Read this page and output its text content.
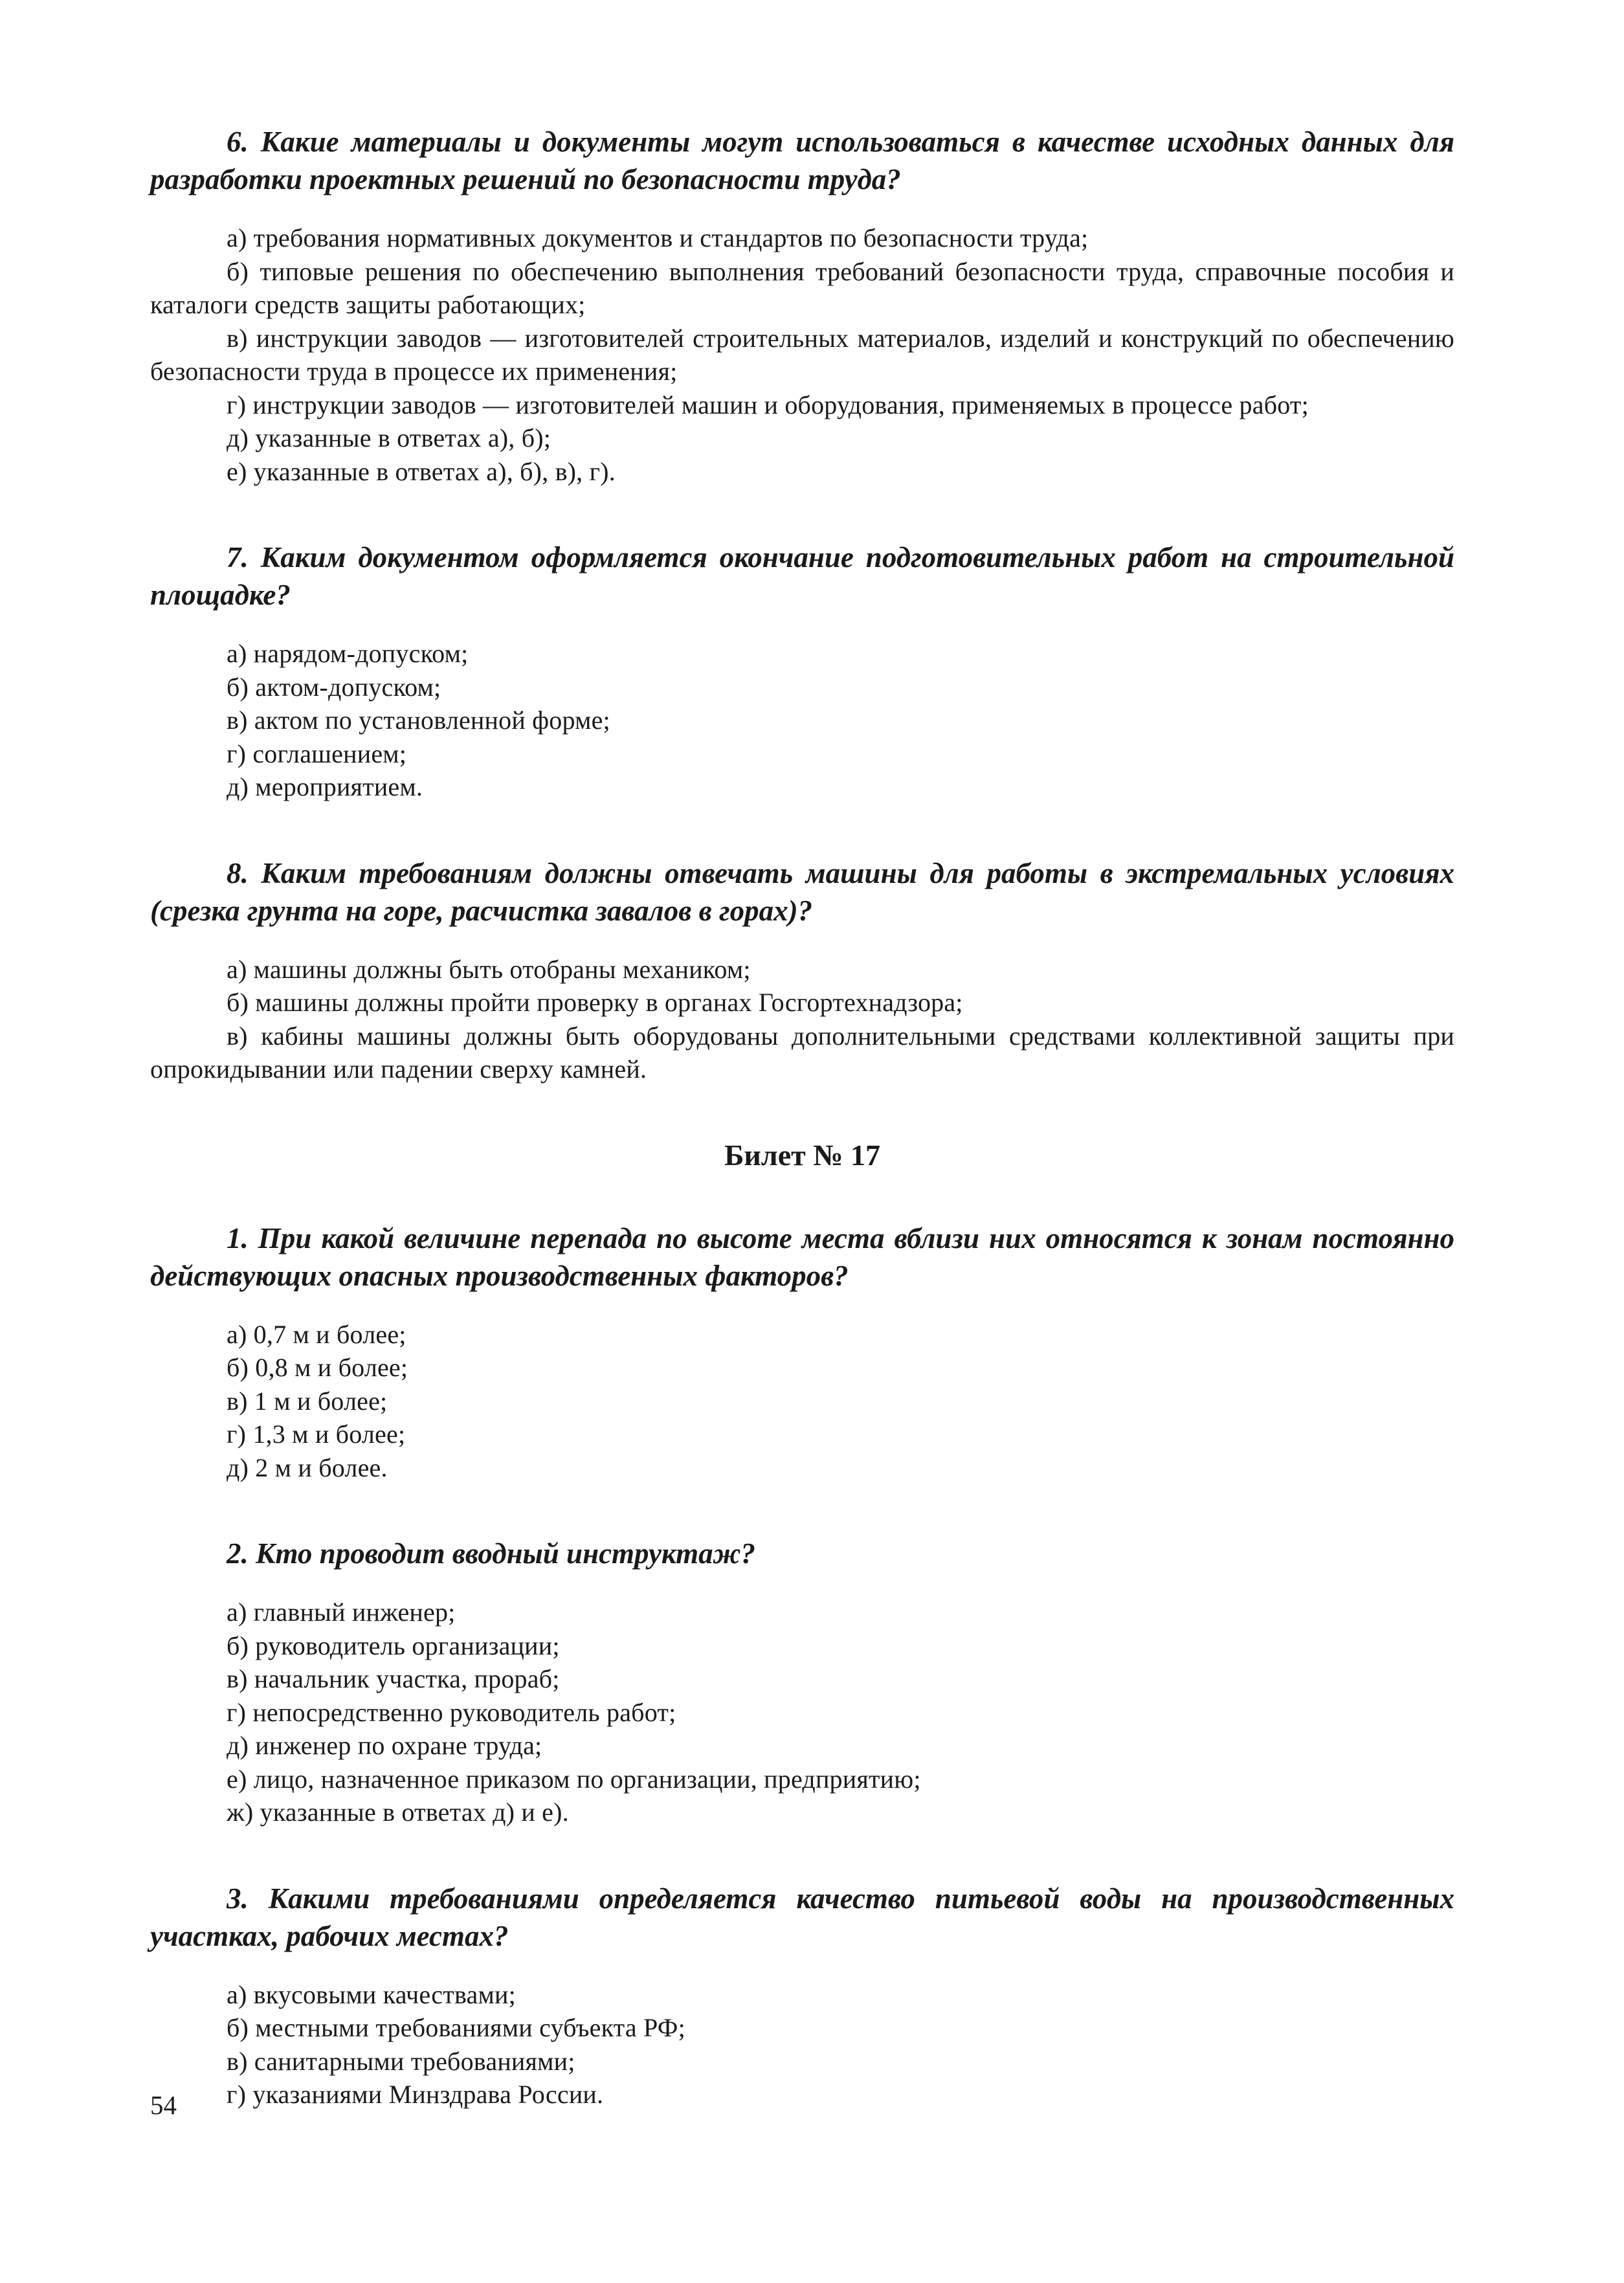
6. Какие материалы и документы могут использоваться в качестве исходных данных для разработки проектных решений по безопасности труда?

а) требования нормативных документов и стандартов по безопасности труда;
б) типовые решения по обеспечению выполнения требований безопасности труда, справочные пособия и каталоги средств защиты работающих;
в) инструкции заводов — изготовителей строительных материалов, изделий и конструкций по обеспечению безопасности труда в процессе их применения;
г) инструкции заводов — изготовителей машин и оборудования, применяемых в процессе работ;
д) указанные в ответах а), б);
е) указанные в ответах а), б), в), г).

7. Каким документом оформляется окончание подготовительных работ на строительной площадке?

а) нарядом-допуском;
б) актом-допуском;
в) актом по установленной форме;
г) соглашением;
д) мероприятием.

8. Каким требованиям должны отвечать машины для работы в экстремальных условиях (срезка грунта на горе, расчистка завалов в горах)?

а) машины должны быть отобраны механиком;
б) машины должны пройти проверку в органах Госгортехнадзора;
в) кабины машины должны быть оборудованы дополнительными средствами коллективной защиты при опрокидывании или падении сверху камней.
Билет № 17

1. При какой величине перепада по высоте места вблизи них относятся к зонам постоянно действующих опасных производственных факторов?

а) 0,7 м и более;
б) 0,8 м и более;
в) 1 м и более;
г) 1,3 м и более;
д) 2 м и более.

2. Кто проводит вводный инструктаж?

а) главный инженер;
б) руководитель организации;
в) начальник участка, прораб;
г) непосредственно руководитель работ;
д) инженер по охране труда;
е) лицо, назначенное приказом по организации, предприятию;
ж) указанные в ответах д) и е).

3. Какими требованиями определяется качество питьевой воды на производственных участках, рабочих местах?

а) вкусовыми качествами;
б) местными требованиями субъекта РФ;
в) санитарными требованиями;
г) указаниями Минздрава России.
54
